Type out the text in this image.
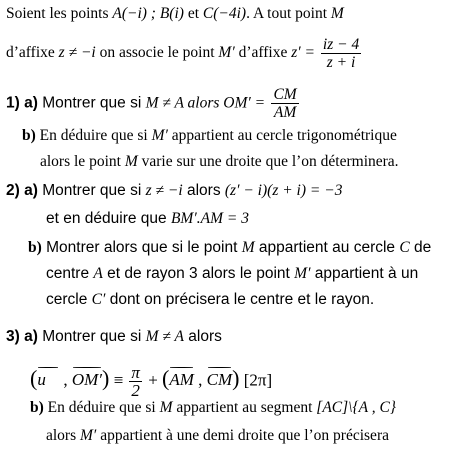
Soient les points A(−i) ; B(i) et C(−4i). A tout point M
d’affixe z ≠ −i on associe le point M′ d’affixe $z' = \frac{iz - 4}{z + i}$
1) a) Montrer que si M ≠ A alors $OM' = \frac{CM}{AM}$
b) En déduire que si M′ appartient au cercle trigonométrique
alors le point M varie sur une droite que l’on déterminera.
2) a) Montrer que si z ≠ −i alors (z′ − i)(z + i) = −3
et en déduire que BM′.AM = 3
b) Montrer alors que si le point M appartient au cercle C de
centre A et de rayon 3 alors le point M′ appartient à un
cercle C′ dont on précisera le centre et le rayon.
3) a) Montrer que si M ≠ A alors
(u⃗ , $OM') \equiv \frac{\pi}{2} + (AM$ , CM) [2π]
b) En déduire que si M appartient au segment [AC]\{A , C}
alors M′ appartient à une demi droite que l’on précisera
